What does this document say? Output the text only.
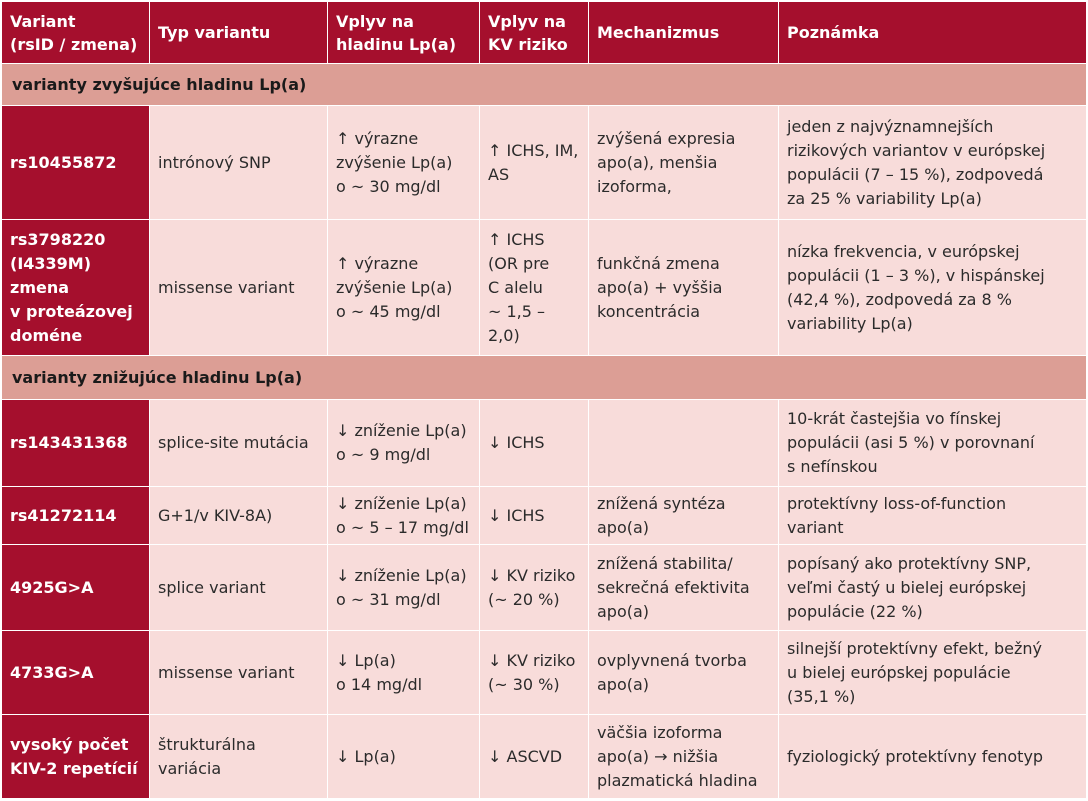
Variant
(rsID / zmena)	Typ variantu	Vplyv na
hladinu Lp(a)	Vplyv na
KV riziko	Mechanizmus	Poznámka
varianty zvyšujúce hladinu Lp(a)					
rs10455872	intrónový SNP	↑ výrazne
zvýšenie Lp(a)
o ~ 30 mg/dl	↑ ICHS, IM,
AS	zvýšená expresia
apo(a), menšia
izoforma,	jeden z najvýznamnejších
rizikových variantov v európskej
populácii (7 – 15 %), zodpovedá
za 25 % variability Lp(a)
rs3798220
(I4339M)
zmena
v proteázovej
doméne	missense variant	↑ výrazne
zvýšenie Lp(a)
o ~ 45 mg/dl	↑ ICHS
(OR pre
C alelu
~ 1,5 – 2,0)	funkčná zmena
apo(a) + vyššia
koncentrácia	nízka frekvencia, v európskej
populácii (1 – 3 %), v hispánskej
(42,4 %), zodpovedá za 8 %
variability Lp(a)
varianty znižujúce hladinu Lp(a)					
rs143431368	splice-site mutácia	↓ zníženie Lp(a)
o ~ 9 mg/dl	↓ ICHS		10-krát častejšia vo fínskej
populácii (asi 5 %) v porovnaní
s nefínskou
rs41272114	G+1/v KIV-8A)	↓ zníženie Lp(a)
o ~ 5 – 17 mg/dl	↓ ICHS	znížená syntéza
apo(a)	protektívny loss-of-function
variant
4925G>A	splice variant	↓ zníženie Lp(a)
o ~ 31 mg/dl	↓ KV riziko
(~ 20 %)	znížená stabilita/
sekrečná efektivita
apo(a)	popísaný ako protektívny SNP,
veľmi častý u bielej európskej
populácie (22 %)
4733G>A	missense variant	↓ Lp(a)
o 14 mg/dl	↓ KV riziko
(~ 30 %)	ovplyvnená tvorba
apo(a)	silnejší protektívny efekt, bežný
u bielej európskej populácie
(35,1 %)
vysoký počet
KIV-2 repetícií	štrukturálna
variácia	↓ Lp(a)	↓ ASCVD	väčšia izoforma
apo(a) → nižšia
plazmatická hladina	fyziologický protektívny fenotyp
